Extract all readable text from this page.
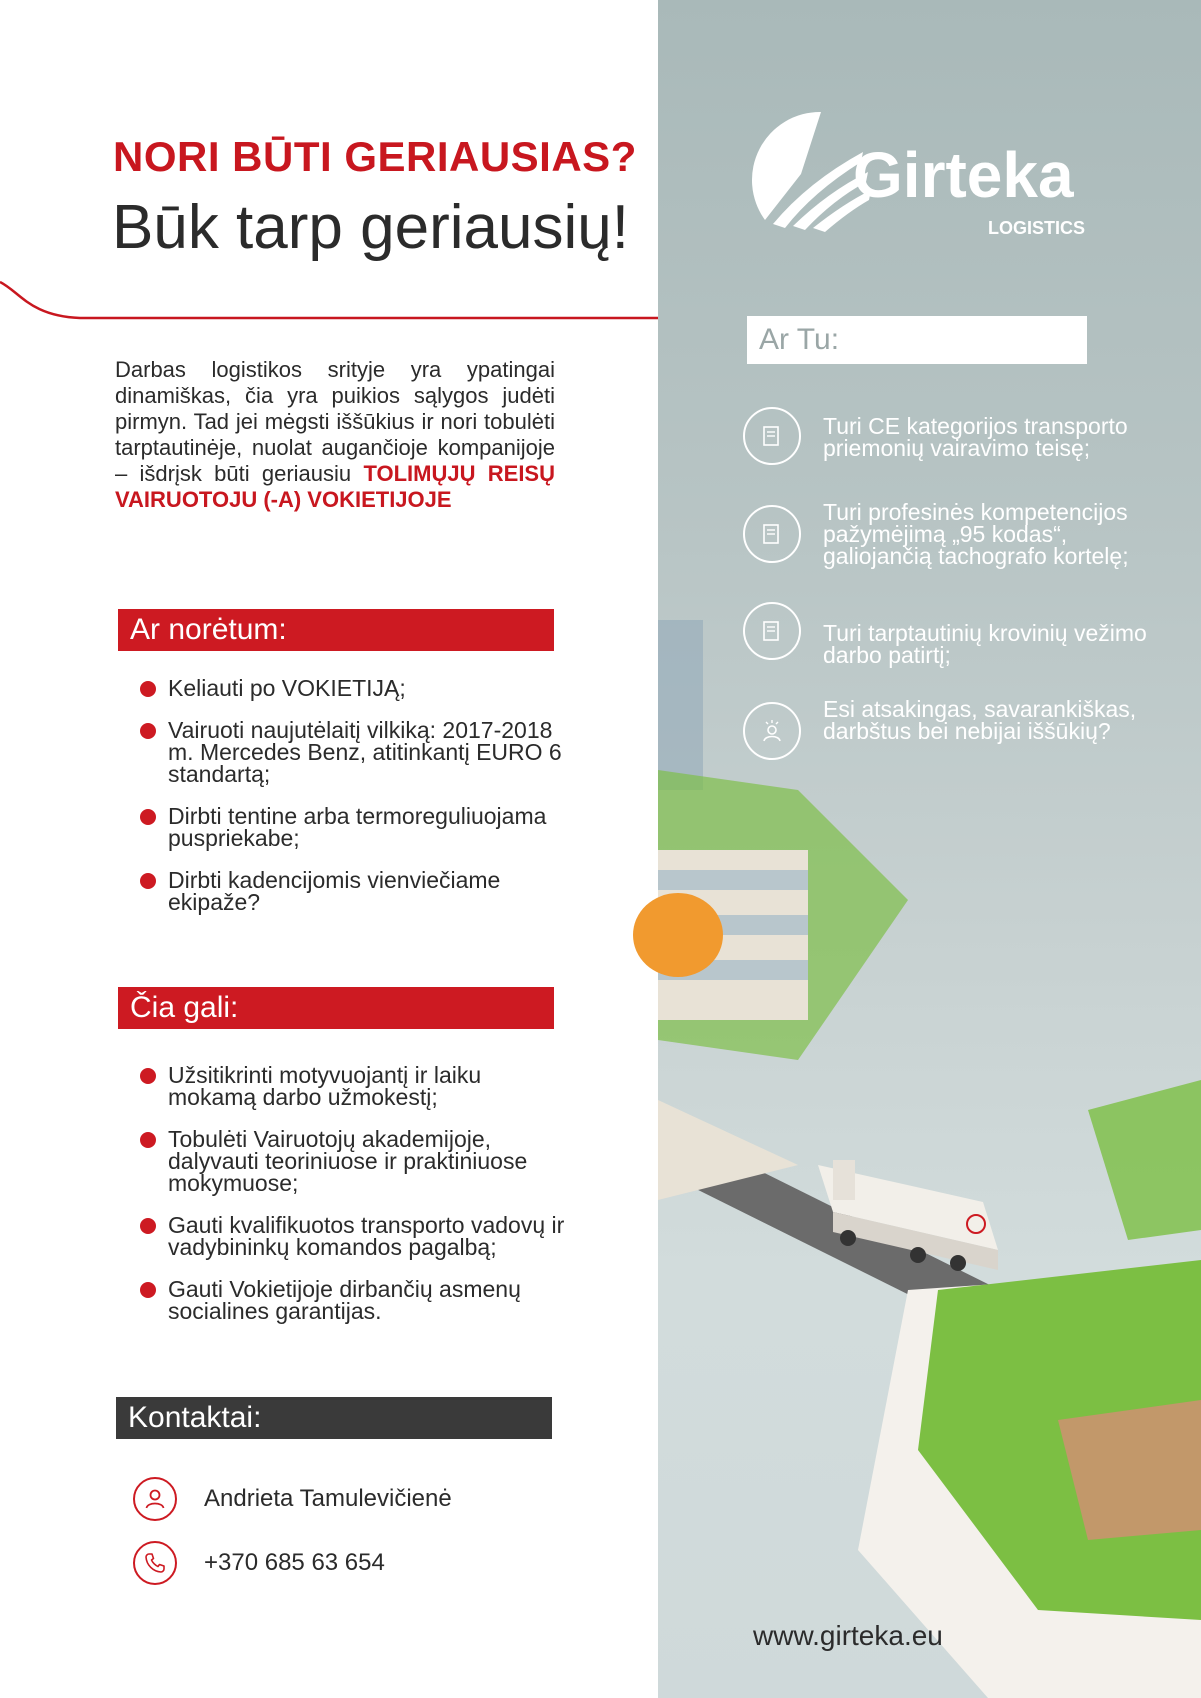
NORI BŪTI GERIAUSIAS?
Būk tarp geriausių!
Darbas logistikos srityje yra ypatingai dinamiškas, čia yra puikios sąlygos judėti pirmyn. Tad jei mėgsti iššūkius ir nori tobulėti tarptautinėje, nuolat augančioje kompanijoje – išdrįsk būti geriausiu TOLIMŲJŲ REISŲ VAIRUOTOJU (-A) VOKIETIJOJE
Ar norėtum:
Keliauti po VOKIETIJĄ;
Vairuoti naujutėlaitį vilkiką: 2017-2018 m. Mercedes Benz, atitinkantį EURO 6 standartą;
Dirbti tentine arba termoreguliuojama puspriekabe;
Dirbti kadencijomis vienviečiame ekipaže?
Čia gali:
Užsitikrinti motyvuojantį ir laiku mokamą darbo užmokestį;
Tobulėti Vairuotojų akademijoje, dalyvauti teoriniuose ir praktiniuose mokymuose;
Gauti kvalifikuotos transporto vadovų ir vadybininkų komandos pagalbą;
Gauti Vokietijoje dirbančių asmenų socialines garantijas.
Kontaktai:
Andrieta Tamulevičienė
+370 685 63 654
Girteka
LOGISTICS
Ar Tu:
Turi CE kategorijos transporto priemonių vairavimo teisę;
Turi profesinės kompetencijos pažymėjimą „95 kodas“, galiojančią tachografo kortelę;
Turi tarptautinių krovinių vežimo darbo patirtį;
Esi atsakingas, savarankiškas, darbštus bei nebijai iššūkių?
www.girteka.eu
